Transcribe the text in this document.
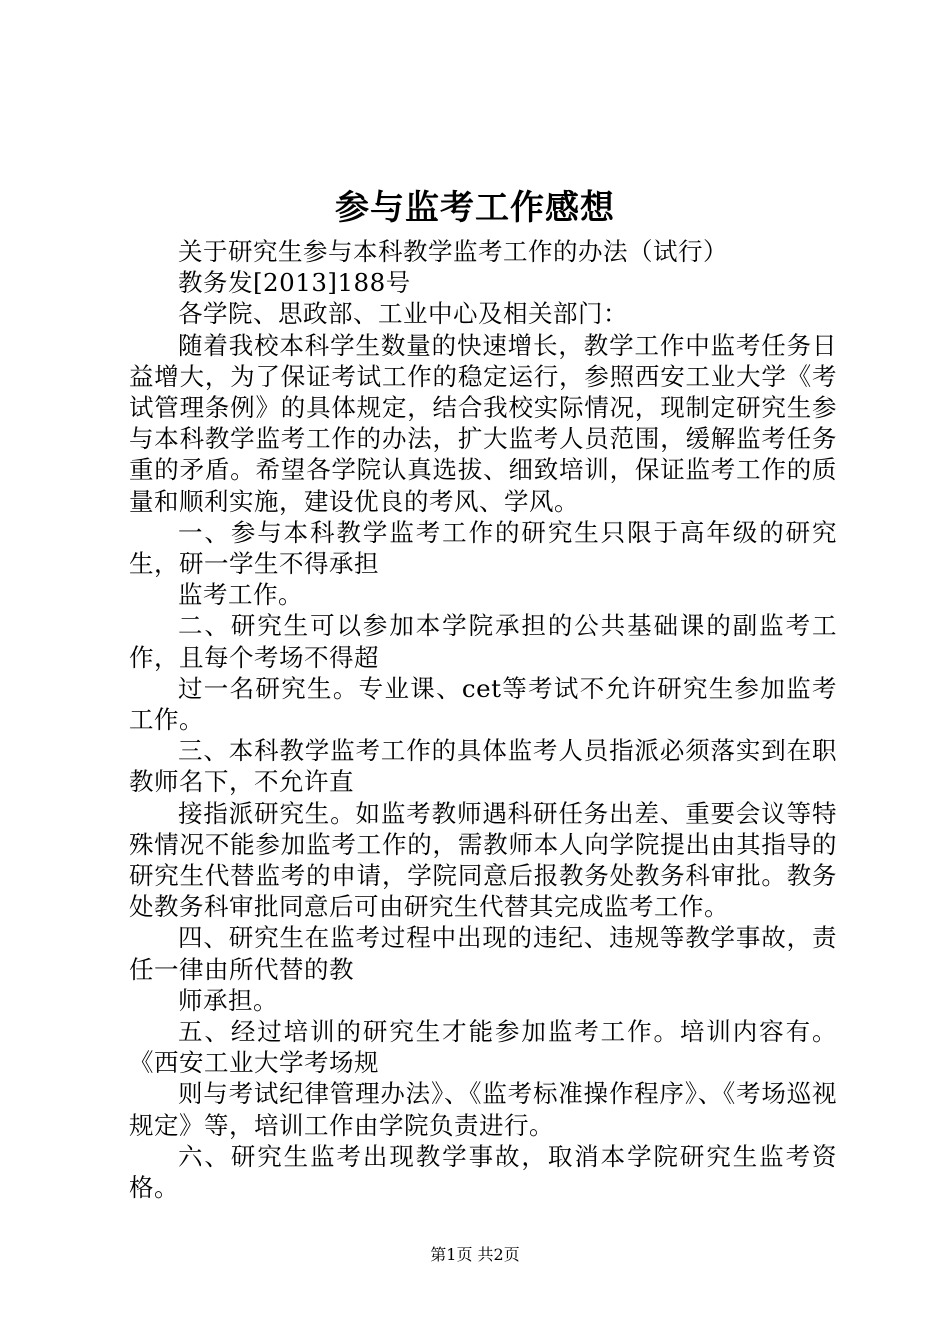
参与监考工作感想

关于研究生参与本科教学监考工作的办法（试行）

教务发[2013]188号

各学院、思政部、工业中心及相关部门：

随着我校本科学生数量的快速增长，教学工作中监考任务日益增大，为了保证考试工作的稳定运行，参照西安工业大学《考试管理条例》的具体规定，结合我校实际情况，现制定研究生参与本科教学监考工作的办法，扩大监考人员范围，缓解监考任务重的矛盾。希望各学院认真选拔、细致培训，保证监考工作的质量和顺利实施，建设优良的考风、学风。

一、参与本科教学监考工作的研究生只限于高年级的研究生，研一学生不得承担

监考工作。

二、研究生可以参加本学院承担的公共基础课的副监考工作，且每个考场不得超

过一名研究生。专业课、cet等考试不允许研究生参加监考工作。

三、本科教学监考工作的具体监考人员指派必须落实到在职教师名下，不允许直

接指派研究生。如监考教师遇科研任务出差、重要会议等特殊情况不能参加监考工作的，需教师本人向学院提出由其指导的研究生代替监考的申请，学院同意后报教务处教务科审批。教务处教务科审批同意后可由研究生代替其完成监考工作。

四、研究生在监考过程中出现的违纪、违规等教学事故，责任一律由所代替的教

师承担。

五、经过培训的研究生才能参加监考工作。培训内容有。《西安工业大学考场规

则与考试纪律管理办法》、《监考标准操作程序》、《考场巡视规定》等，培训工作由学院负责进行。

六、研究生监考出现教学事故，取消本学院研究生监考资格。

第1页 共2页
